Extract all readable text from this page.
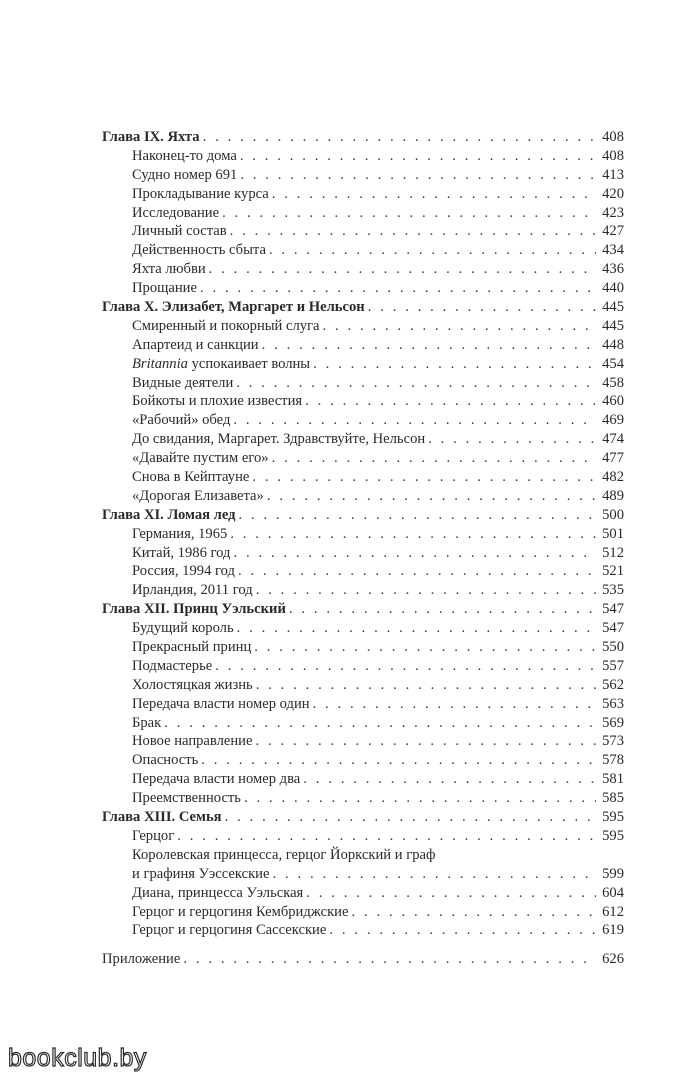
Глава IX. Яхта . . .	408
Наконец-то дома . . .	408
Судно номер 691 . . .	413
Прокладывание курса . . .	420
Исследование . . .	423
Личный состав . . .	427
Действенность сбыта . . .	434
Яхта любви . . .	436
Прощание . . .	440
Глава X. Элизабет, Маргарет и Нельсон . . .	445
Смиренный и покорный слуга . . .	445
Апартеид и санкции . . .	448
Britannia успокаивает волны . . .	454
Видные деятели . . .	458
Бойкоты и плохие известия . . .	460
«Рабочий» обед . . .	469
До свидания, Маргарет. Здравствуйте, Нельсон . . .	474
«Давайте пустим его» . . .	477
Снова в Кейптауне . . .	482
«Дорогая Елизавета» . . .	489
Глава XI. Ломая лед . . .	500
Германия, 1965 . . .	501
Китай, 1986 год . . .	512
Россия, 1994 год . . .	521
Ирландия, 2011 год . . .	535
Глава XII. Принц Уэльский . . .	547
Будущий король . . .	547
Прекрасный принц . . .	550
Подмастерье . . .	557
Холостяцкая жизнь . . .	562
Передача власти номер один . . .	563
Брак . . .	569
Новое направление . . .	573
Опасность . . .	578
Передача власти номер два . . .	581
Преемственность . . .	585
Глава XIII. Семья . . .	595
Герцог . . .	595
Королевская принцесса, герцог Йоркский и граф
и графиня Уэссекские . . .	599
Диана, принцесса Уэльская . . .	604
Герцог и герцогиня Кембриджские . . .	612
Герцог и герцогиня Сассекские . . .	619
Приложение . . .	626
bookclub.by
